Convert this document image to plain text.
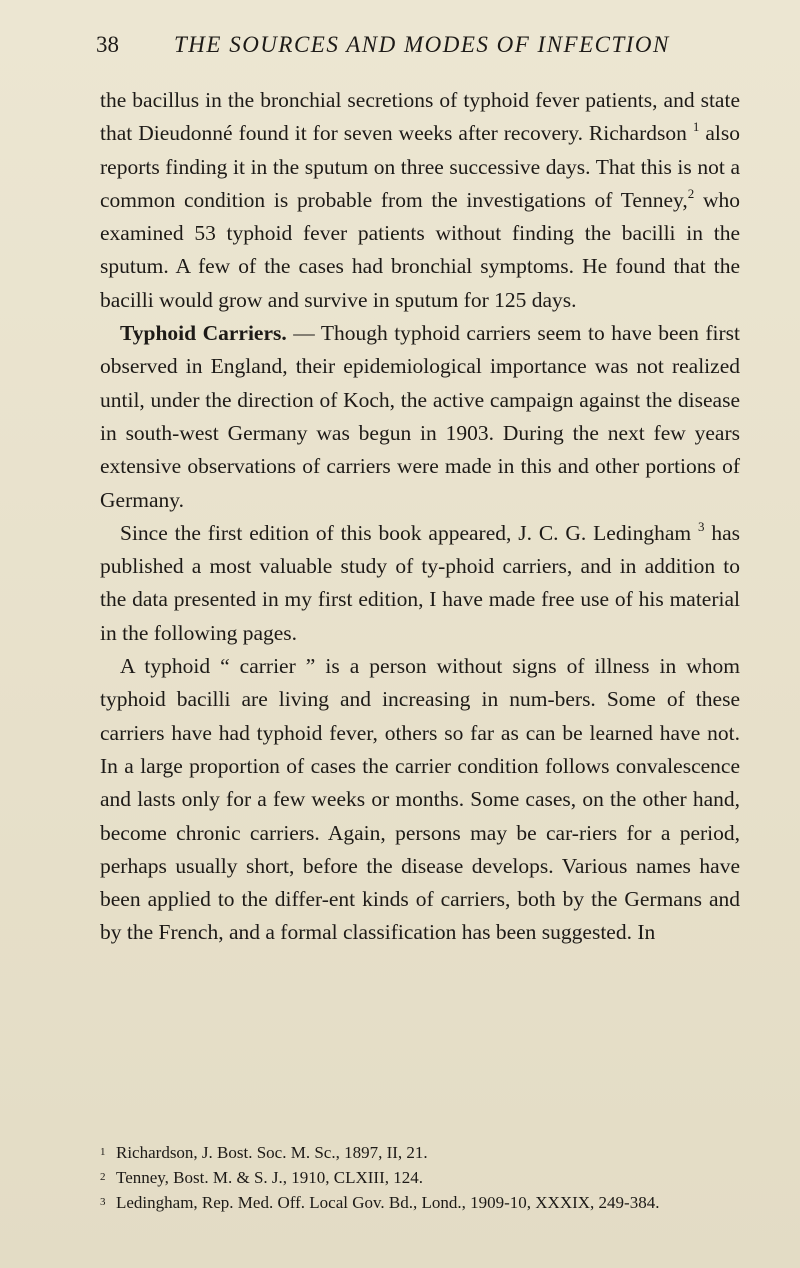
38 THE SOURCES AND MODES OF INFECTION

the bacillus in the bronchial secretions of typhoid fever patients, and state that Dieudonné found it for seven weeks after recovery. Richardson $^1$ also reports finding it in the sputum on three successive days. That this is not a common condition is probable from the investigations of Tenney,$^2$ who examined 53 typhoid fever patients without finding the bacilli in the sputum. A few of the cases had bronchial symptoms. He found that the bacilli would grow and survive in sputum for 125 days.

Typhoid Carriers. — Though typhoid carriers seem to have been first observed in England, their epidemiological importance was not realized until, under the direction of Koch, the active campaign against the disease in south-west Germany was begun in 1903. During the next few years extensive observations of carriers were made in this and other portions of Germany.

Since the first edition of this book appeared, J. C. G. Ledingham $^3$ has published a most valuable study of ty-phoid carriers, and in addition to the data presented in my first edition, I have made free use of his material in the following pages.

A typhoid “ carrier ” is a person without signs of illness in whom typhoid bacilli are living and increasing in num-bers. Some of these carriers have had typhoid fever, others so far as can be learned have not. In a large proportion of cases the carrier condition follows convalescence and lasts only for a few weeks or months. Some cases, on the other hand, become chronic carriers. Again, persons may be car-riers for a period, perhaps usually short, before the disease develops. Various names have been applied to the differ-ent kinds of carriers, both by the Germans and by the French, and a formal classification has been suggested. In

1 Richardson, J. Bost. Soc. M. Sc., 1897, II, 21.

2 Tenney, Bost. M. & S. J., 1910, CLXIII, 124.

3 Ledingham, Rep. Med. Off. Local Gov. Bd., Lond., 1909-10, XXXIX, 249-384.
